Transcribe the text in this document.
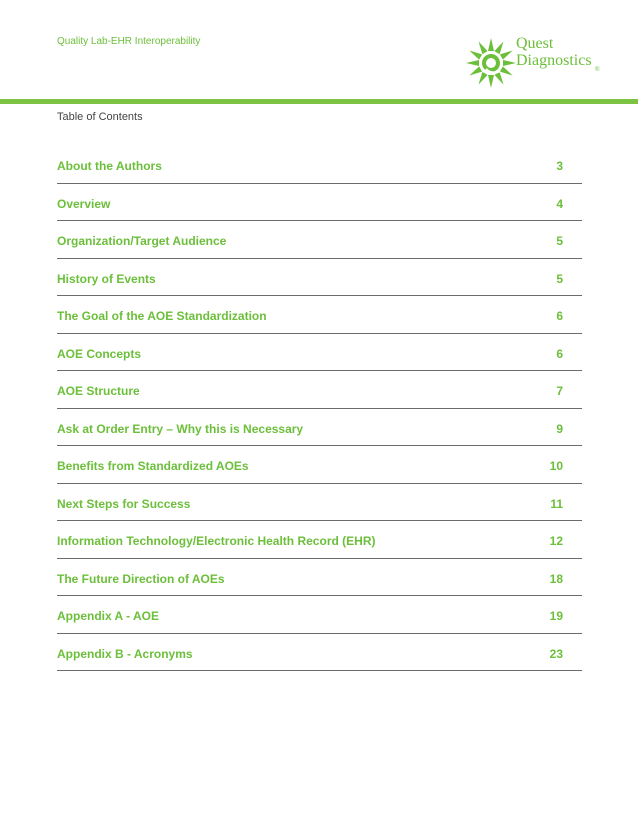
Quality Lab-EHR Interoperability	Quest
Diagnostics
®
Table of Contents
About the Authors	3
Overview	4
Organization/Target Audience	5
History of Events	5
The Goal of the AOE Standardization	6
AOE Concepts	6
AOE Structure	7
Ask at Order Entry – Why this is Necessary	9
Benefits from Standardized AOEs	10
Next Steps for Success	11
Information Technology/Electronic Health Record (EHR)	12
The Future Direction of AOEs	18
Appendix A - AOE	19
Appendix B - Acronyms	23
